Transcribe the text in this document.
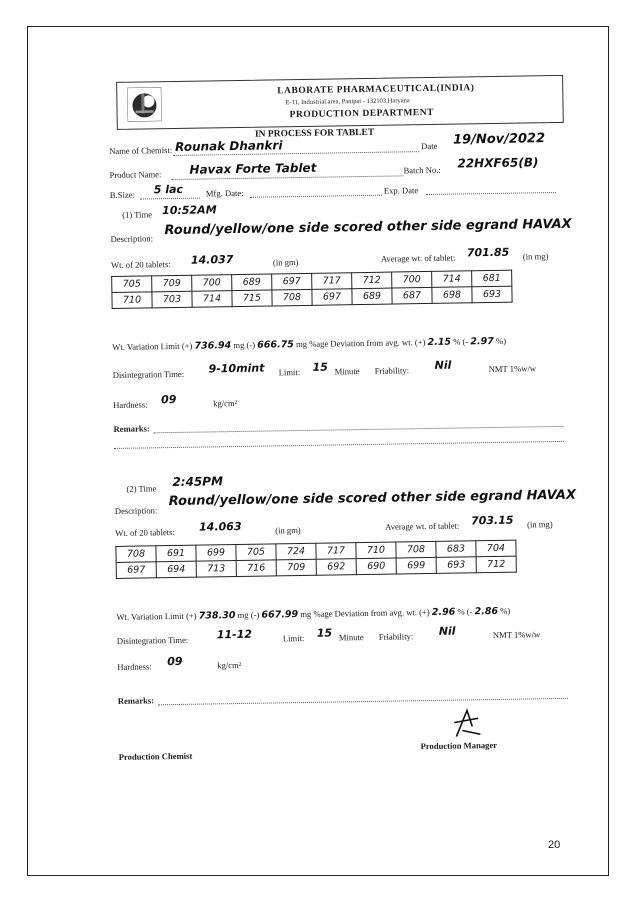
LABORATE PHARMACEUTICAL(INDIA)
E-11, Industrial area, Panipat - 132103,Haryana
PRODUCTION DEPARTMENT
IN PROCESS FOR TABLET
Name of Chemist: Rounak Dhankri	Date 19/Nov/2022
Product Name: Havax Forte Tablet	Batch No.: 22HXF65(B)
B.Size: 5 lac	Mfg. Date:	Exp. Date
(1) Time 10:52AM
Description:
Round/yellow/one side scored other side egrand HAVAX
Wt. of 20 tablets: 14.037	(in gm)	Average wt. of tablet: 701.85 (in mg)
705	709	700	689	697	717	712	700	714	681
710	703	714	715	708	697	689	687	698	693
Wt. Variation Limit (+) 736.94 mg (-) 666.75 mg %age Deviation from avg. wt. (+) 2.15 % (- 2.97 %)
Disintegration Time: 9-10mint Limit: 15 Minute Friability: Nil	NMT 1%w/w
Hardness: 09	kg/cm²
Remarks:
(2) Time 2:45PM
Description:
Round/yellow/one side scored other side egrand HAVAX
Wt. of 20 tablets: 14.063	(in gm)	Average wt. of tablet: 703.15 (in mg)
708	691	699	705	724	717	710	708	683	704
697	694	713	716	709	692	690	699	693	712
Wt. Variation Limit (+) 738.30 mg (-) 667.99 mg %age Deviation from avg. wt. (+) 2.96 % (- 2.86 %)
Disintegration Time:	11-12	Limit: 15 Minute Friability: Nil	NMT 1%w/w
Hardness: 09	kg/cm²
Remarks:
Production Chemist
Production Manager
20
